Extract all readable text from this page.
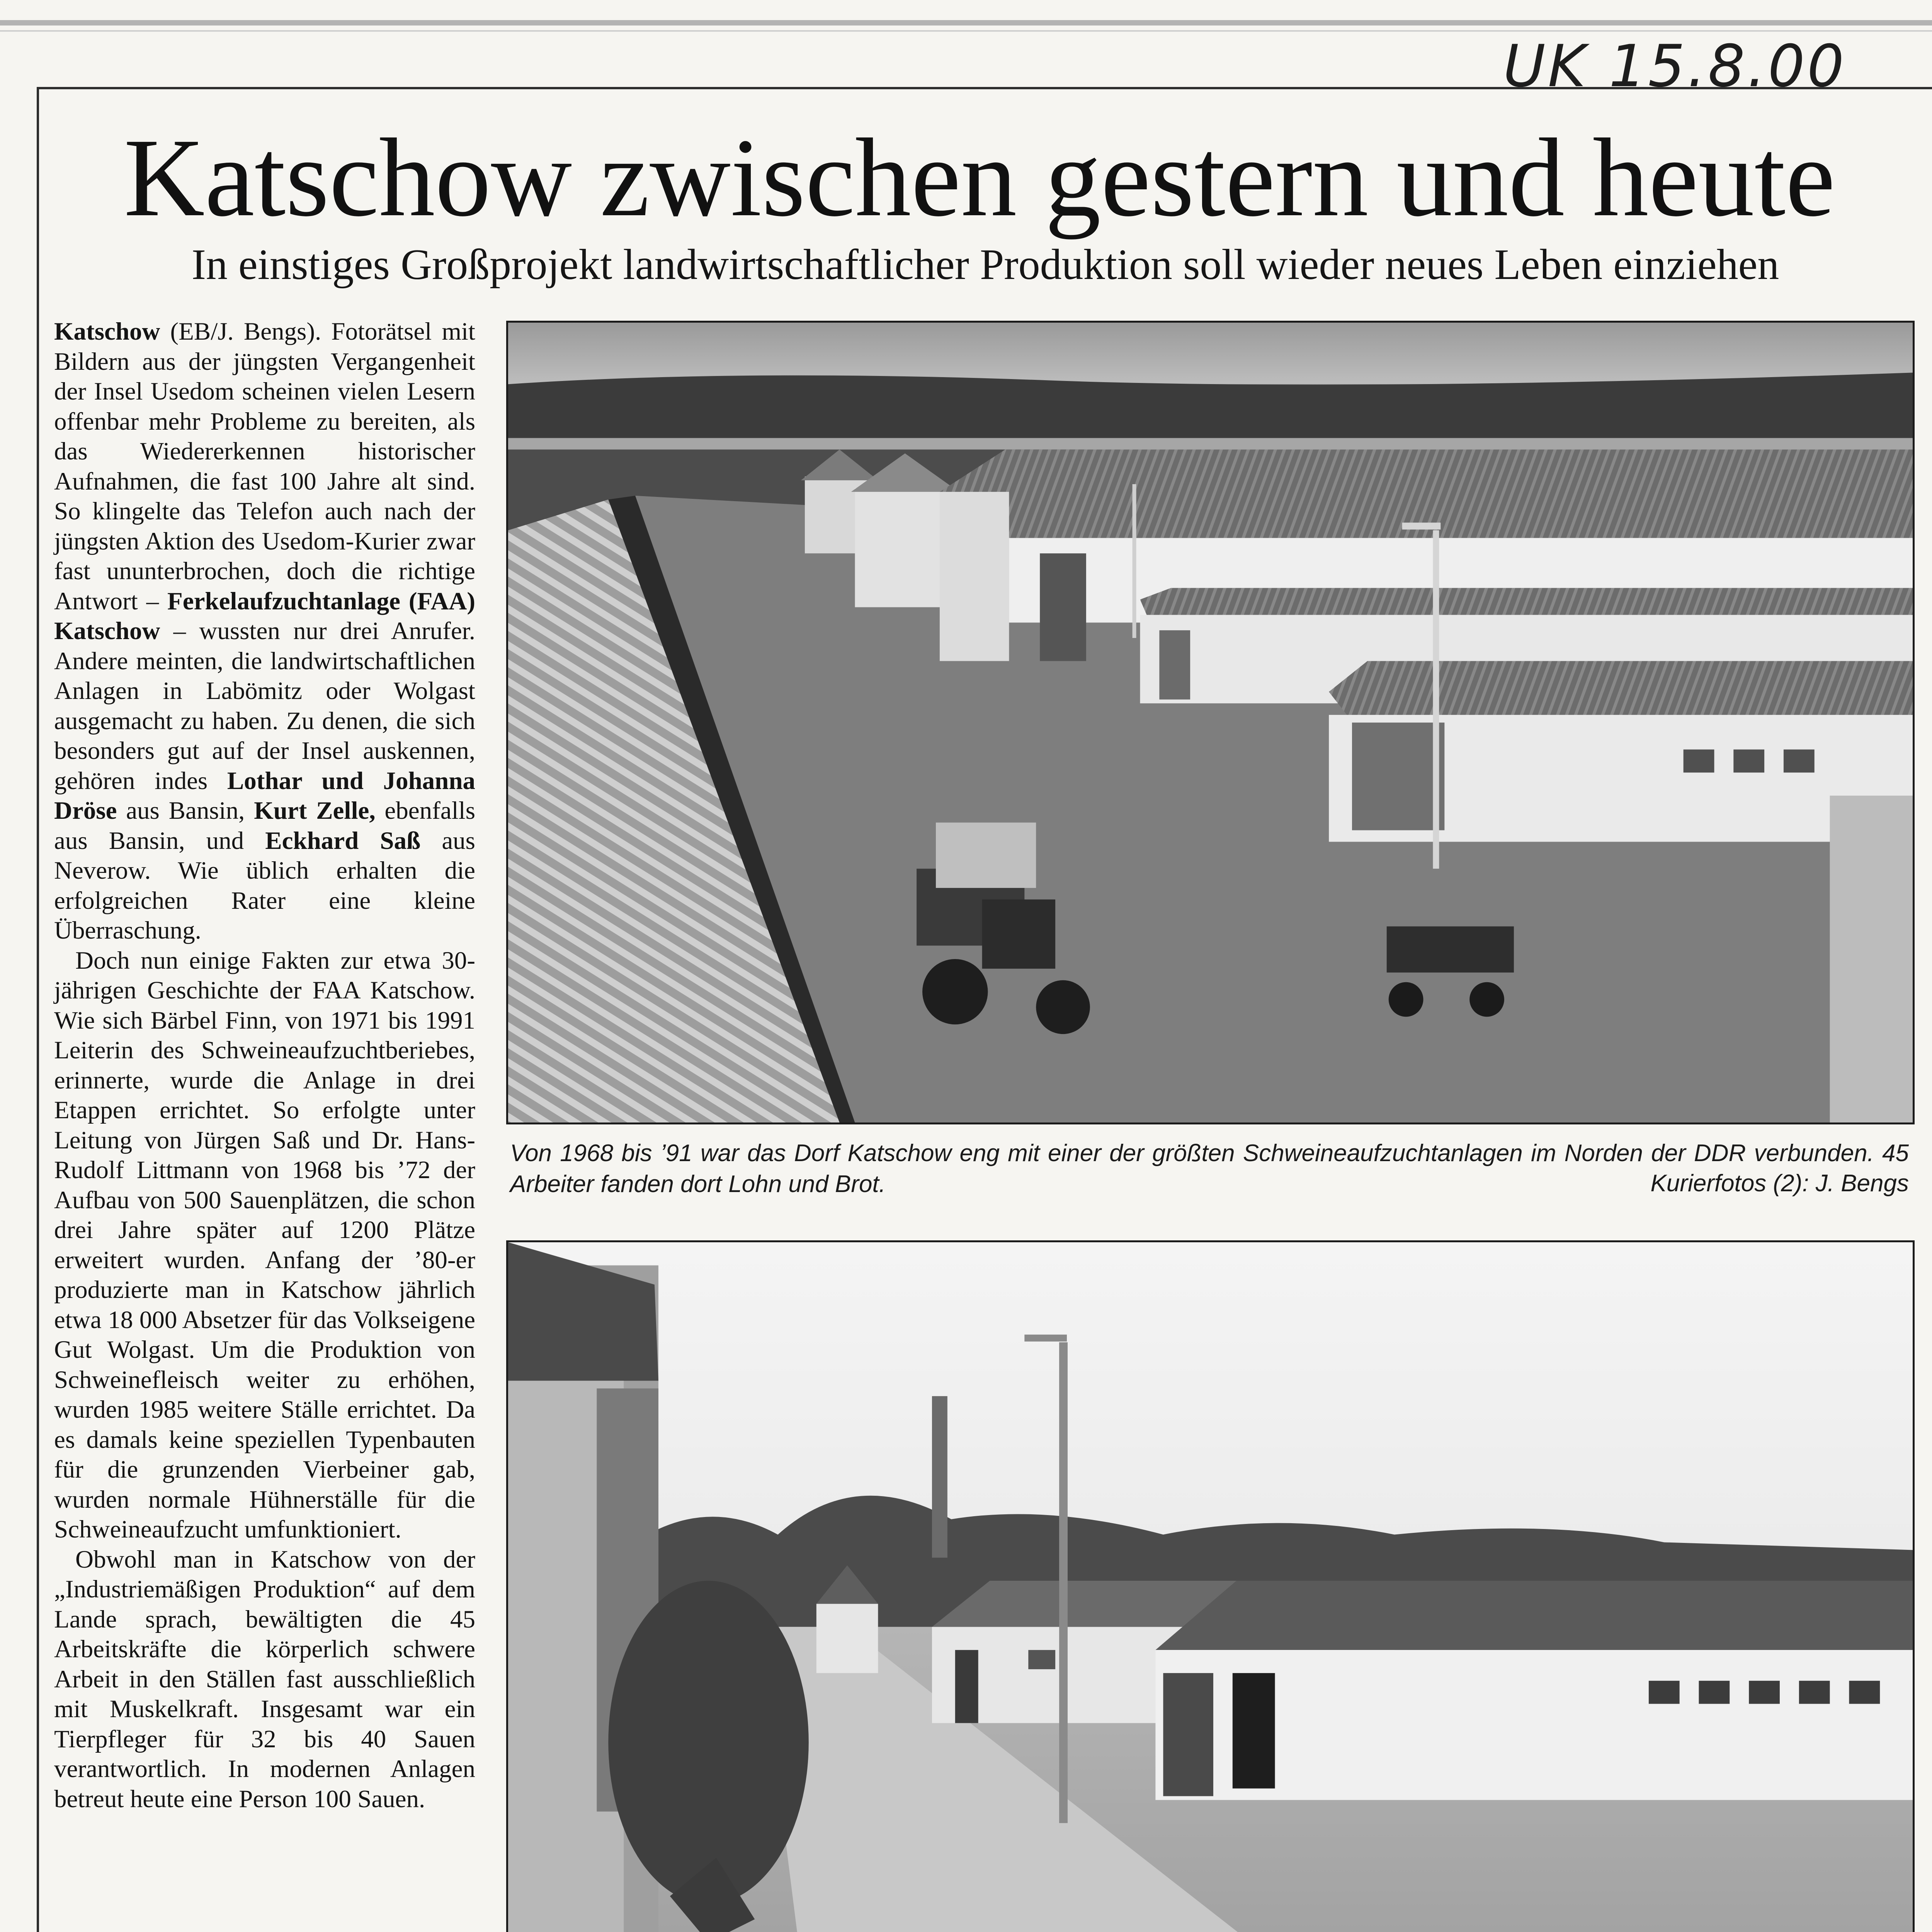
UK 15.8.00
Katschow zwischen gestern und heute
In einstiges Großprojekt landwirtschaftlicher Produktion soll wieder neues Leben einziehen

Katschow (EB/J. Bengs). Fotorätsel mit Bildern aus der jüngsten Vergangenheit der Insel Usedom scheinen vielen Lesern offenbar mehr Probleme zu bereiten, als das Wiedererkennen historischer Aufnahmen, die fast 100 Jahre alt sind. So klingelte das Telefon auch nach der jüngsten Aktion des Usedom-Kurier zwar fast ununterbrochen, doch die richtige Antwort – Ferkelaufzuchtanlage (FAA) Katschow – wussten nur drei Anrufer. Andere meinten, die landwirtschaftlichen Anlagen in Labömitz oder Wolgast ausgemacht zu haben. Zu denen, die sich besonders gut auf der Insel auskennen, gehören indes Lothar und Johanna Dröse aus Bansin, Kurt Zelle, ebenfalls aus Bansin, und Eckhard Saß aus Neverow. Wie üblich erhalten die erfolgreichen Rater eine kleine Überraschung.

Doch nun einige Fakten zur etwa 30-jährigen Geschichte der FAA Katschow. Wie sich Bärbel Finn, von 1971 bis 1991 Leiterin des Schweineaufzuchtberiebes, erinnerte, wurde die Anlage in drei Etappen errichtet. So erfolgte unter Leitung von Jürgen Saß und Dr. Hans-Rudolf Littmann von 1968 bis ’72 der Aufbau von 500 Sauenplätzen, die schon drei Jahre später auf 1200 Plätze erweitert wurden. Anfang der ’80-er produzierte man in Katschow jährlich etwa 18 000 Absetzer für das Volkseigene Gut Wolgast. Um die Produktion von Schweinefleisch weiter zu erhöhen, wurden 1985 weitere Ställe errichtet. Da es damals keine speziellen Typenbauten für die grunzenden Vierbeiner gab, wurden normale Hühnerställe für die Schweineaufzucht umfunktioniert.

Obwohl man in Katschow von der „Industriemäßigen Produktion“ auf dem Lande sprach, bewältigten die 45 Arbeitskräfte die körperlich schwere Arbeit in den Ställen fast ausschließlich mit Muskelkraft. Insgesamt war ein Tierpfleger für 32 bis 40 Sauen verantwortlich. In modernen Anlagen betreut heute eine Person 100 Sauen.

Von 1968 bis ’91 war das Dorf Katschow eng mit einer der größten Schweineaufzuchtanlagen im Norden der DDR verbunden. 45 Arbeiter fanden dort Lohn und Brot.	Kurierfotos (2): J. Bengs
